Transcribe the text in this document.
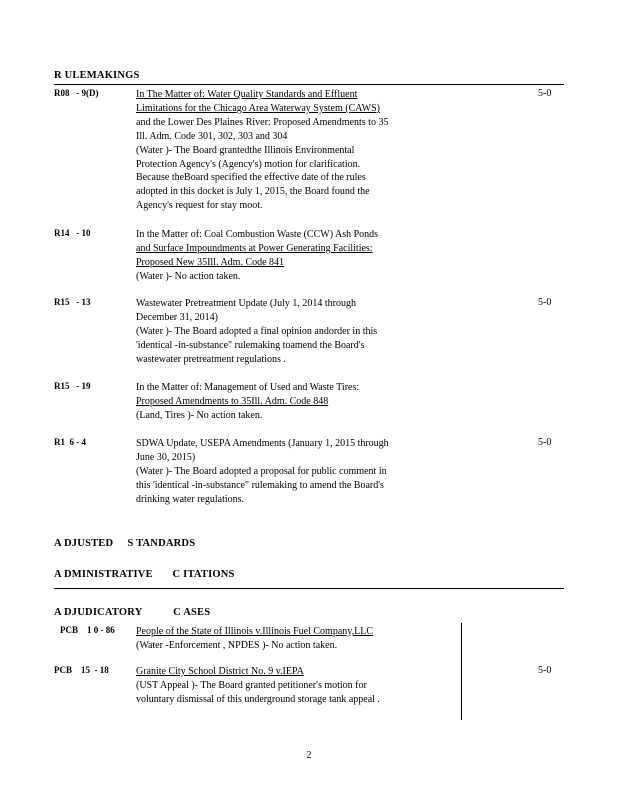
R ULEMAKINGS
R08   - 9(D)	In The Matter of: Water Quality Standards and Effluent
Limitations for the Chicago Area Waterway System (CAWS)
and the Lower Des Plaines River: Proposed Amendments to 35
Ill. Adm. Code 301, 302, 303 and 304
(Water )- The Board grantedthe Illinois Environmental
Protection Agency's (Agency's) motion for clarification.
Because theBoard specified the effective date of the rules
adopted in this docket is July 1, 2015, the Board found the
Agency's request for stay moot.
5-0
R14   - 10	In the Matter of: Coal Combustion Waste (CCW) Ash Ponds
and Surface Impoundments at Power Generating Facilities:
Proposed New 35Ill. Adm. Code 841
(Water )- No action taken.
R15   - 13	Wastewater Pretreatment Update (July 1, 2014 through
December 31, 2014)
(Water )- The Board adopted a final opinion andorder in this
'identical -in-substance" rulemaking toamend the Board's
wastewater pretreatment regulations .
5-0
R15   - 19	In the Matter of: Management of Used and Waste Tires:
Proposed Amendments to 35Ill. Adm. Code 848
(Land, Tires )- No action taken.
R1  6 - 4	SDWA Update, USEPA Amendments (January 1, 2015 through
June 30, 2015)
(Water )- The Board adopted a proposal for public comment in
this 'identical -in-substance" rulemaking to amend the Board's
drinking water regulations.
5-0
A DJUSTED     S TANDARDS
A DMINISTRATIVE       C ITATIONS
A DJUDICATORY           C ASES
PCB    1 0 - 86 People of the State of Illinois v.Illinois Fuel Company,LLC
(Water -Enforcement , NPDES )- No action taken.
PCB    15  - 18	Granite City School District No. 9 v.IEPA
(UST Appeal )- The Board granted petitioner's motion for
voluntary dismissal of this underground storage tank appeal .
5-0
2
